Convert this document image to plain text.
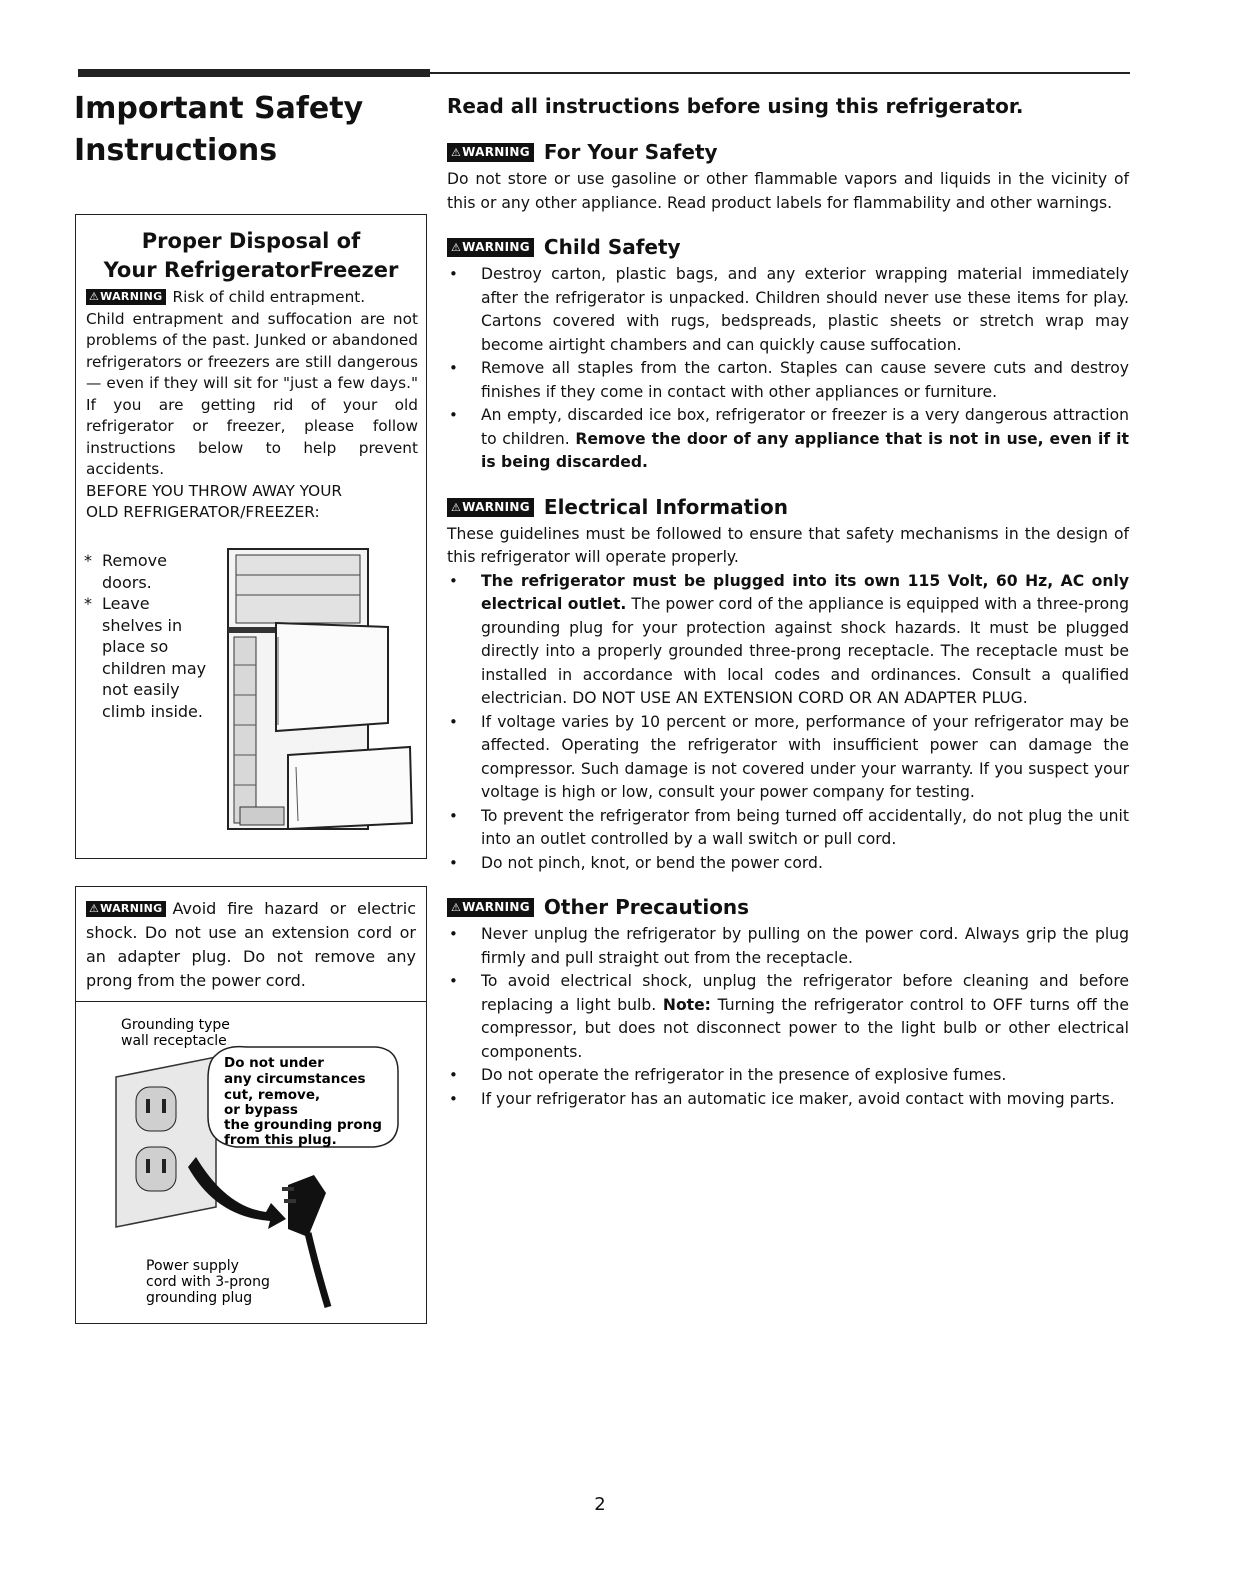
Important Safety Instructions
Proper Disposal of
Your RefrigeratorFreezer
⚠WARNING Risk of child entrapment.
Child entrapment and suffocation are not problems of the past. Junked or abandoned refrigerators or freezers are still dangerous — even if they will sit for "just a few days." If you are getting rid of your old refrigerator or freezer, please follow instructions below to help prevent accidents.
BEFORE YOU THROW AWAY YOUR
OLD REFRIGERATOR/FREEZER:
* Remove doors.
* Leave shelves in place so children may not easily climb inside.
⚠WARNING Avoid fire hazard or electric shock. Do not use an extension cord or an adapter plug. Do not remove any prong from the power cord.
Grounding type
wall receptacle
Do not under
any circumstances
cut, remove,
or bypass
the grounding prong
from this plug.
Power supply
cord with 3-prong
grounding plug

Read all instructions before using this refrigerator.

⚠WARNING For Your Safety

Do not store or use gasoline or other flammable vapors and liquids in the vicinity of this or any other appliance. Read product labels for flammability and other warnings.

⚠WARNING Child Safety
• Destroy carton, plastic bags, and any exterior wrapping material immediately after the refrigerator is unpacked. Children should never use these items for play. Cartons covered with rugs, bedspreads, plastic sheets or stretch wrap may become airtight chambers and can quickly cause suffocation.
• Remove all staples from the carton. Staples can cause severe cuts and destroy finishes if they come in contact with other appliances or furniture.
• An empty, discarded ice box, refrigerator or freezer is a very dangerous attraction to children. Remove the door of any appliance that is not in use, even if it is being discarded.
⚠WARNING Electrical Information

These guidelines must be followed to ensure that safety mechanisms in the design of this refrigerator will operate properly.

• The refrigerator must be plugged into its own 115 Volt, 60 Hz, AC only electrical outlet. The power cord of the appliance is equipped with a three-prong grounding plug for your protection against shock hazards. It must be plugged directly into a properly grounded three-prong receptacle. The receptacle must be installed in accordance with local codes and ordinances. Consult a qualified electrician. DO NOT USE AN EXTENSION CORD OR AN ADAPTER PLUG.
• If voltage varies by 10 percent or more, performance of your refrigerator may be affected. Operating the refrigerator with insufficient power can damage the compressor. Such damage is not covered under your warranty. If you suspect your voltage is high or low, consult your power company for testing.
• To prevent the refrigerator from being turned off accidentally, do not plug the unit into an outlet controlled by a wall switch or pull cord.
• Do not pinch, knot, or bend the power cord.
⚠WARNING Other Precautions
• Never unplug the refrigerator by pulling on the power cord. Always grip the plug firmly and pull straight out from the receptacle.
• To avoid electrical shock, unplug the refrigerator before cleaning and before replacing a light bulb. Note: Turning the refrigerator control to OFF turns off the compressor, but does not disconnect power to the light bulb or other electrical components.
• Do not operate the refrigerator in the presence of explosive fumes.
• If your refrigerator has an automatic ice maker, avoid contact with moving parts.
2
